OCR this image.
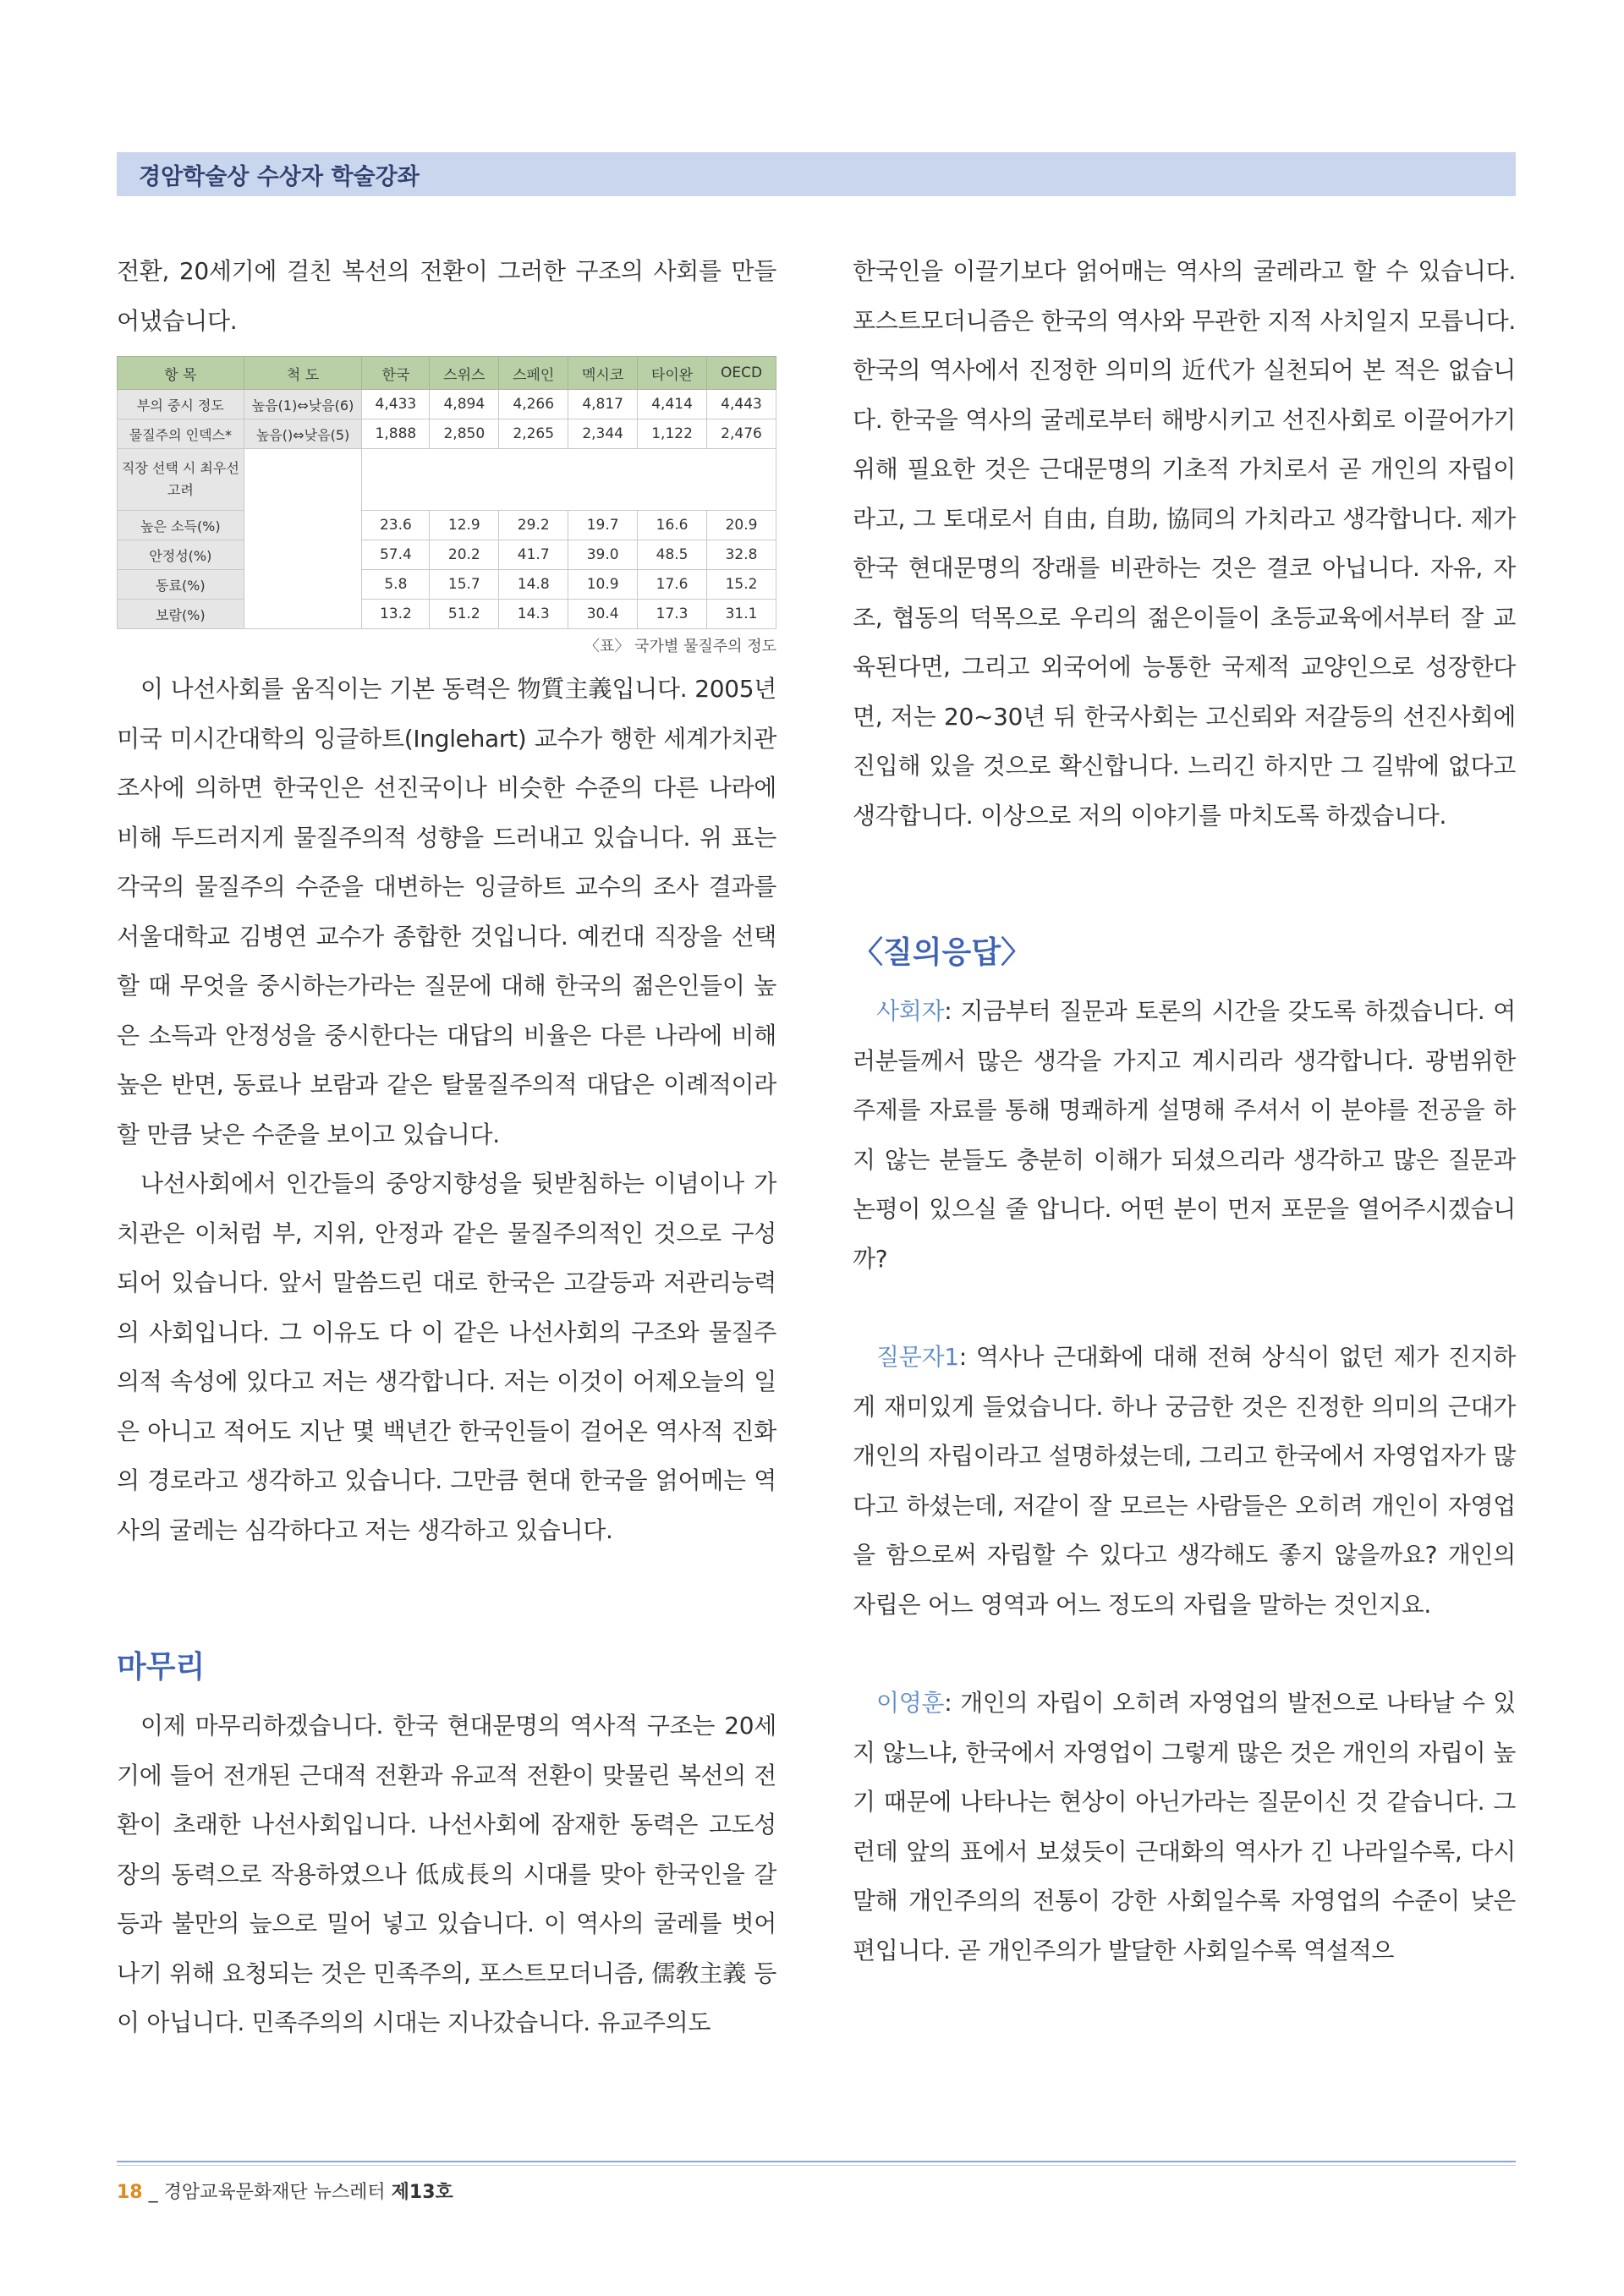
경암학술상 수상자 학술강좌

전환, 20세기에 걸친 복선의 전환이 그러한 구조의 사회를 만들어냈습니다.

항 목	척 도	한국	스위스	스페인	멕시코	타이완	OECD
부의 중시 정도	높음(1)⇔낮음(6)	4,433	4,894	4,266	4,817	4,414	4,443
물질주의 인덱스*	높음()⇔낮음(5)	1,888	2,850	2,265	2,344	1,122	2,476
직장 선택 시 최우선 고려							
높은 소득(%)		23.6	12.9	29.2	19.7	16.6	20.9
안정성(%)		57.4	20.2	41.7	39.0	48.5	32.8
동료(%)		5.8	15.7	14.8	10.9	17.6	15.2
보람(%)		13.2	51.2	14.3	30.4	17.3	31.1
〈표〉 국가별 물질주의 정도

이 나선사회를 움직이는 기본 동력은 物質主義입니다. 2005년 미국 미시간대학의 잉글하트(Inglehart) 교수가 행한 세계가치관조사에 의하면 한국인은 선진국이나 비슷한 수준의 다른 나라에 비해 두드러지게 물질주의적 성향을 드러내고 있습니다. 위 표는 각국의 물질주의 수준을 대변하는 잉글하트 교수의 조사 결과를 서울대학교 김병연 교수가 종합한 것입니다. 예컨대 직장을 선택할 때 무엇을 중시하는가라는 질문에 대해 한국의 젊은인들이 높은 소득과 안정성을 중시한다는 대답의 비율은 다른 나라에 비해 높은 반면, 동료나 보람과 같은 탈물질주의적 대답은 이례적이라 할 만큼 낮은 수준을 보이고 있습니다.

나선사회에서 인간들의 중앙지향성을 뒷받침하는 이념이나 가치관은 이처럼 부, 지위, 안정과 같은 물질주의적인 것으로 구성되어 있습니다. 앞서 말씀드린 대로 한국은 고갈등과 저관리능력의 사회입니다. 그 이유도 다 이 같은 나선사회의 구조와 물질주의적 속성에 있다고 저는 생각합니다. 저는 이것이 어제오늘의 일은 아니고 적어도 지난 몇 백년간 한국인들이 걸어온 역사적 진화의 경로라고 생각하고 있습니다. 그만큼 현대 한국을 얽어메는 역사의 굴레는 심각하다고 저는 생각하고 있습니다.

마무리

이제 마무리하겠습니다. 한국 현대문명의 역사적 구조는 20세기에 들어 전개된 근대적 전환과 유교적 전환이 맞물린 복선의 전환이 초래한 나선사회입니다. 나선사회에 잠재한 동력은 고도성장의 동력으로 작용하였으나 低成長의 시대를 맞아 한국인을 갈등과 불만의 늪으로 밀어 넣고 있습니다. 이 역사의 굴레를 벗어나기 위해 요청되는 것은 민족주의, 포스트모더니즘, 儒敎主義 등이 아닙니다. 민족주의의 시대는 지나갔습니다. 유교주의도

한국인을 이끌기보다 얽어매는 역사의 굴레라고 할 수 있습니다. 포스트모더니즘은 한국의 역사와 무관한 지적 사치일지 모릅니다. 한국의 역사에서 진정한 의미의 近代가 실천되어 본 적은 없습니다. 한국을 역사의 굴레로부터 해방시키고 선진사회로 이끌어가기 위해 필요한 것은 근대문명의 기초적 가치로서 곧 개인의 자립이라고, 그 토대로서 自由, 自助, 協同의 가치라고 생각합니다. 제가 한국 현대문명의 장래를 비관하는 것은 결코 아닙니다. 자유, 자조, 협동의 덕목으로 우리의 젊은이들이 초등교육에서부터 잘 교육된다면, 그리고 외국어에 능통한 국제적 교양인으로 성장한다면, 저는 20~30년 뒤 한국사회는 고신뢰와 저갈등의 선진사회에 진입해 있을 것으로 확신합니다. 느리긴 하지만 그 길밖에 없다고 생각합니다. 이상으로 저의 이야기를 마치도록 하겠습니다.

〈질의응답〉

사회자: 지금부터 질문과 토론의 시간을 갖도록 하겠습니다. 여러분들께서 많은 생각을 가지고 계시리라 생각합니다. 광범위한 주제를 자료를 통해 명쾌하게 설명해 주셔서 이 분야를 전공을 하지 않는 분들도 충분히 이해가 되셨으리라 생각하고 많은 질문과 논평이 있으실 줄 압니다. 어떤 분이 먼저 포문을 열어주시겠습니까?

질문자1: 역사나 근대화에 대해 전혀 상식이 없던 제가 진지하게 재미있게 들었습니다. 하나 궁금한 것은 진정한 의미의 근대가 개인의 자립이라고 설명하셨는데, 그리고 한국에서 자영업자가 많다고 하셨는데, 저같이 잘 모르는 사람들은 오히려 개인이 자영업을 함으로써 자립할 수 있다고 생각해도 좋지 않을까요? 개인의 자립은 어느 영역과 어느 정도의 자립을 말하는 것인지요.

이영훈: 개인의 자립이 오히려 자영업의 발전으로 나타날 수 있지 않느냐, 한국에서 자영업이 그렇게 많은 것은 개인의 자립이 높기 때문에 나타나는 현상이 아닌가라는 질문이신 것 같습니다. 그런데 앞의 표에서 보셨듯이 근대화의 역사가 긴 나라일수록, 다시 말해 개인주의의 전통이 강한 사회일수록 자영업의 수준이 낮은 편입니다. 곧 개인주의가 발달한 사회일수록 역설적으

18 _ 경암교육문화재단 뉴스레터 제13호
